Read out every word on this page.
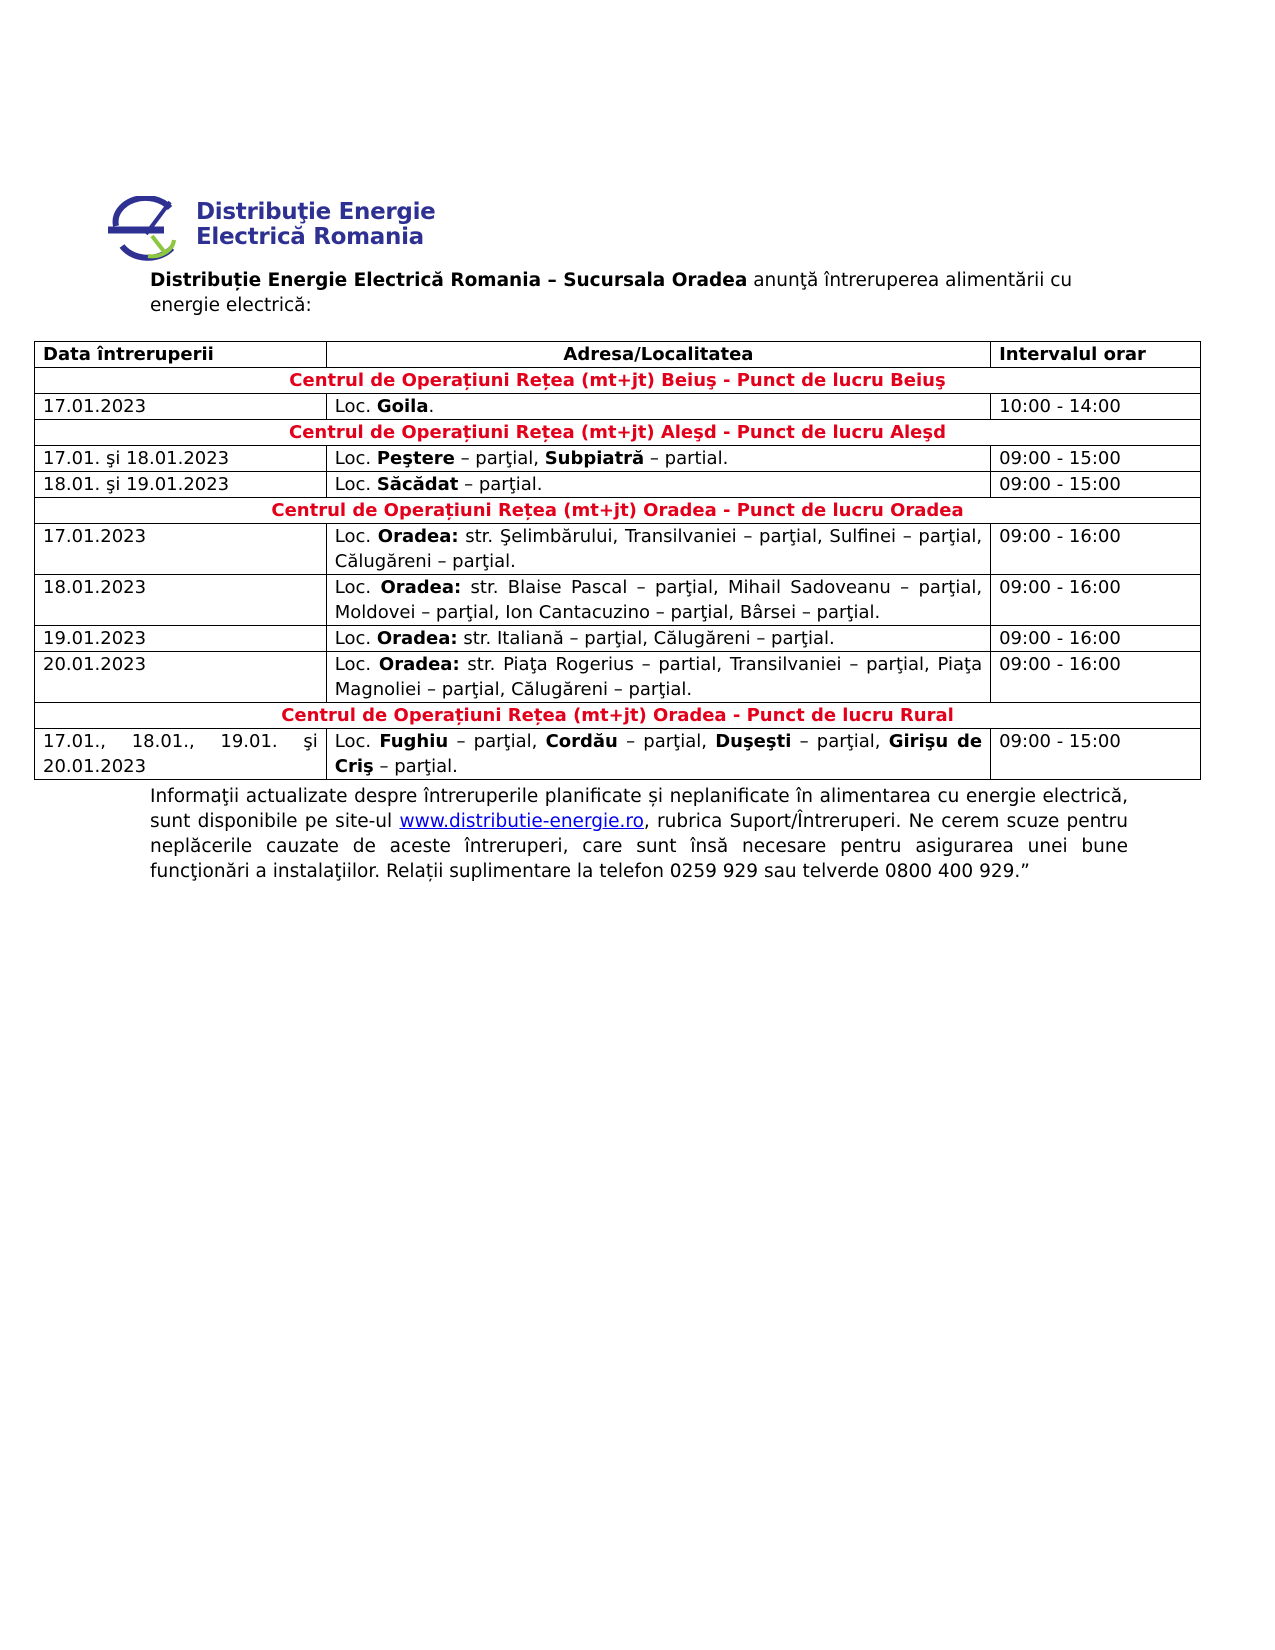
Distribuţie Energie
Electrică Romania
Distribuție Energie Electrică Romania – Sucursala Oradea anunţă întreruperea alimentării cu energie electrică:
Data întreruperii	Adresa/Localitatea	Intervalul orar
Centrul de Operațiuni Rețea (mt+jt) Beiuş - Punct de lucru Beiuş		
17.01.2023	Loc. Goila.	10:00 - 14:00
Centrul de Operațiuni Rețea (mt+jt) Aleşd - Punct de lucru Aleşd		
17.01. şi 18.01.2023	Loc. Peştere – parţial, Subpiatră – partial.	09:00 - 15:00
18.01. şi 19.01.2023	Loc. Săcădat – parţial.	09:00 - 15:00
Centrul de Operațiuni Rețea (mt+jt) Oradea - Punct de lucru Oradea		
17.01.2023	Loc. Oradea: str. Şelimbărului, Transilvaniei – parţial, Sulfinei – parţial, Călugăreni – parţial.	09:00 - 16:00
18.01.2023	Loc. Oradea: str. Blaise Pascal – parţial, Mihail Sadoveanu – parţial, Moldovei – parţial, Ion Cantacuzino – parţial, Bârsei – parţial.	09:00 - 16:00
19.01.2023	Loc. Oradea: str. Italiană – parţial, Călugăreni – parţial.	09:00 - 16:00
20.01.2023	Loc. Oradea: str. Piaţa Rogerius – partial, Transilvaniei – parţial, Piaţa Magnoliei – parţial, Călugăreni – parţial.	09:00 - 16:00
Centrul de Operațiuni Rețea (mt+jt) Oradea - Punct de lucru Rural		
17.01., 18.01., 19.01. şi 20.01.2023	Loc. Fughiu – parţial, Cordău – parţial, Duşeşti – parţial, Girişu de Criş – parţial.	09:00 - 15:00
Informaţii actualizate despre întreruperile planificate și neplanificate în alimentarea cu energie electrică, sunt disponibile pe site-ul www.distributie-energie.ro, rubrica Suport/Întreruperi. Ne cerem scuze pentru neplăcerile cauzate de aceste întreruperi, care sunt însă necesare pentru asigurarea unei bune funcţionări a instalaţiilor. Relații suplimentare la telefon 0259 929 sau telverde 0800 400 929.”
